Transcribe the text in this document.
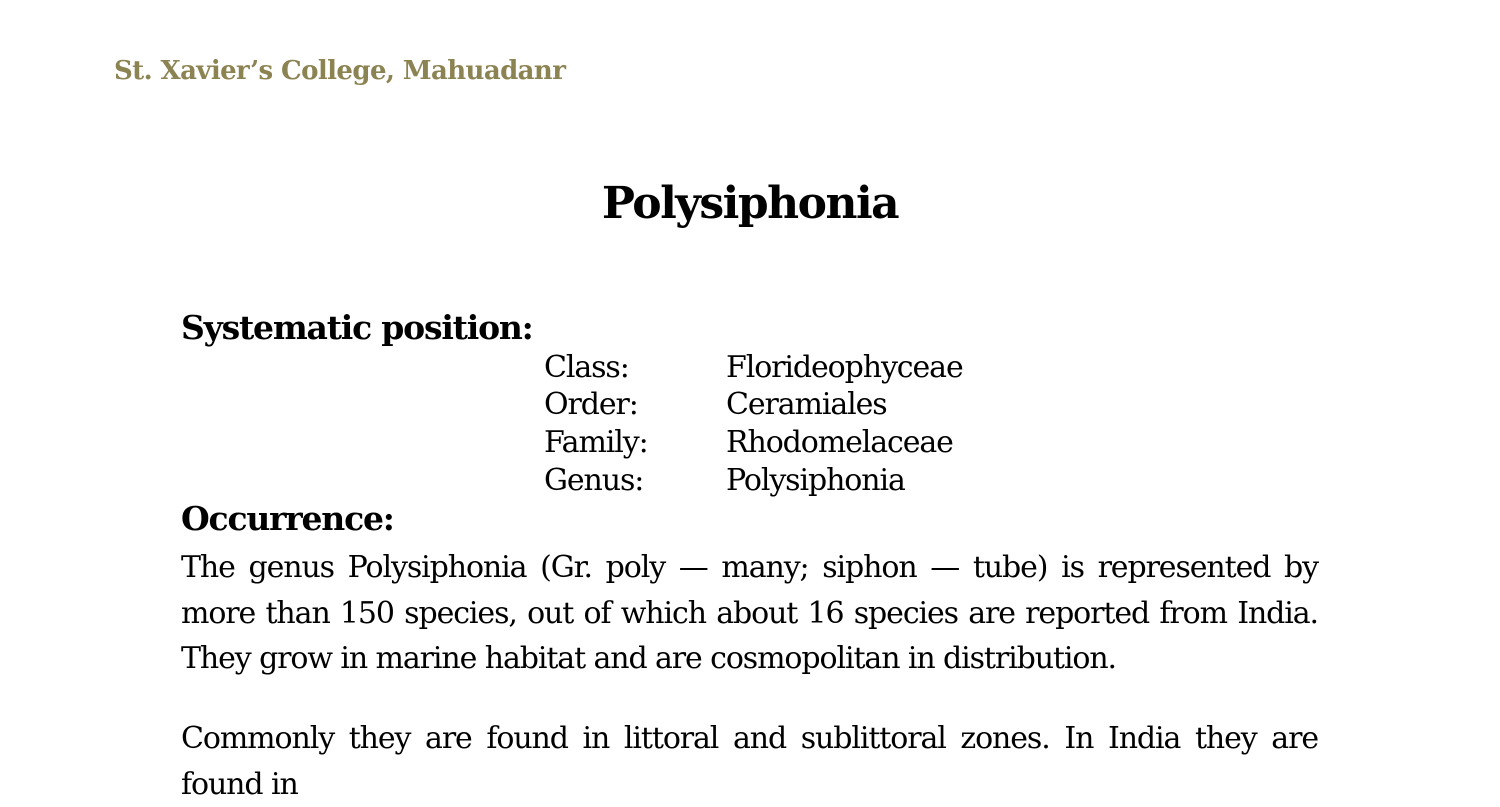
St. Xavier’s College, Mahuadanr
Polysiphonia
Systematic position:
Class:	Florideophyceae
Order:	Ceramiales
Family:	Rhodomelaceae
Genus:	Polysiphonia
Occurrence:
The genus Polysiphonia (Gr. poly — many; siphon — tube) is represented by more than 150 species, out of which about 16 species are reported from India. They grow in marine habitat and are cosmopolitan in distribution.
Commonly they are found in littoral and sublittoral zones. In India they are found in
